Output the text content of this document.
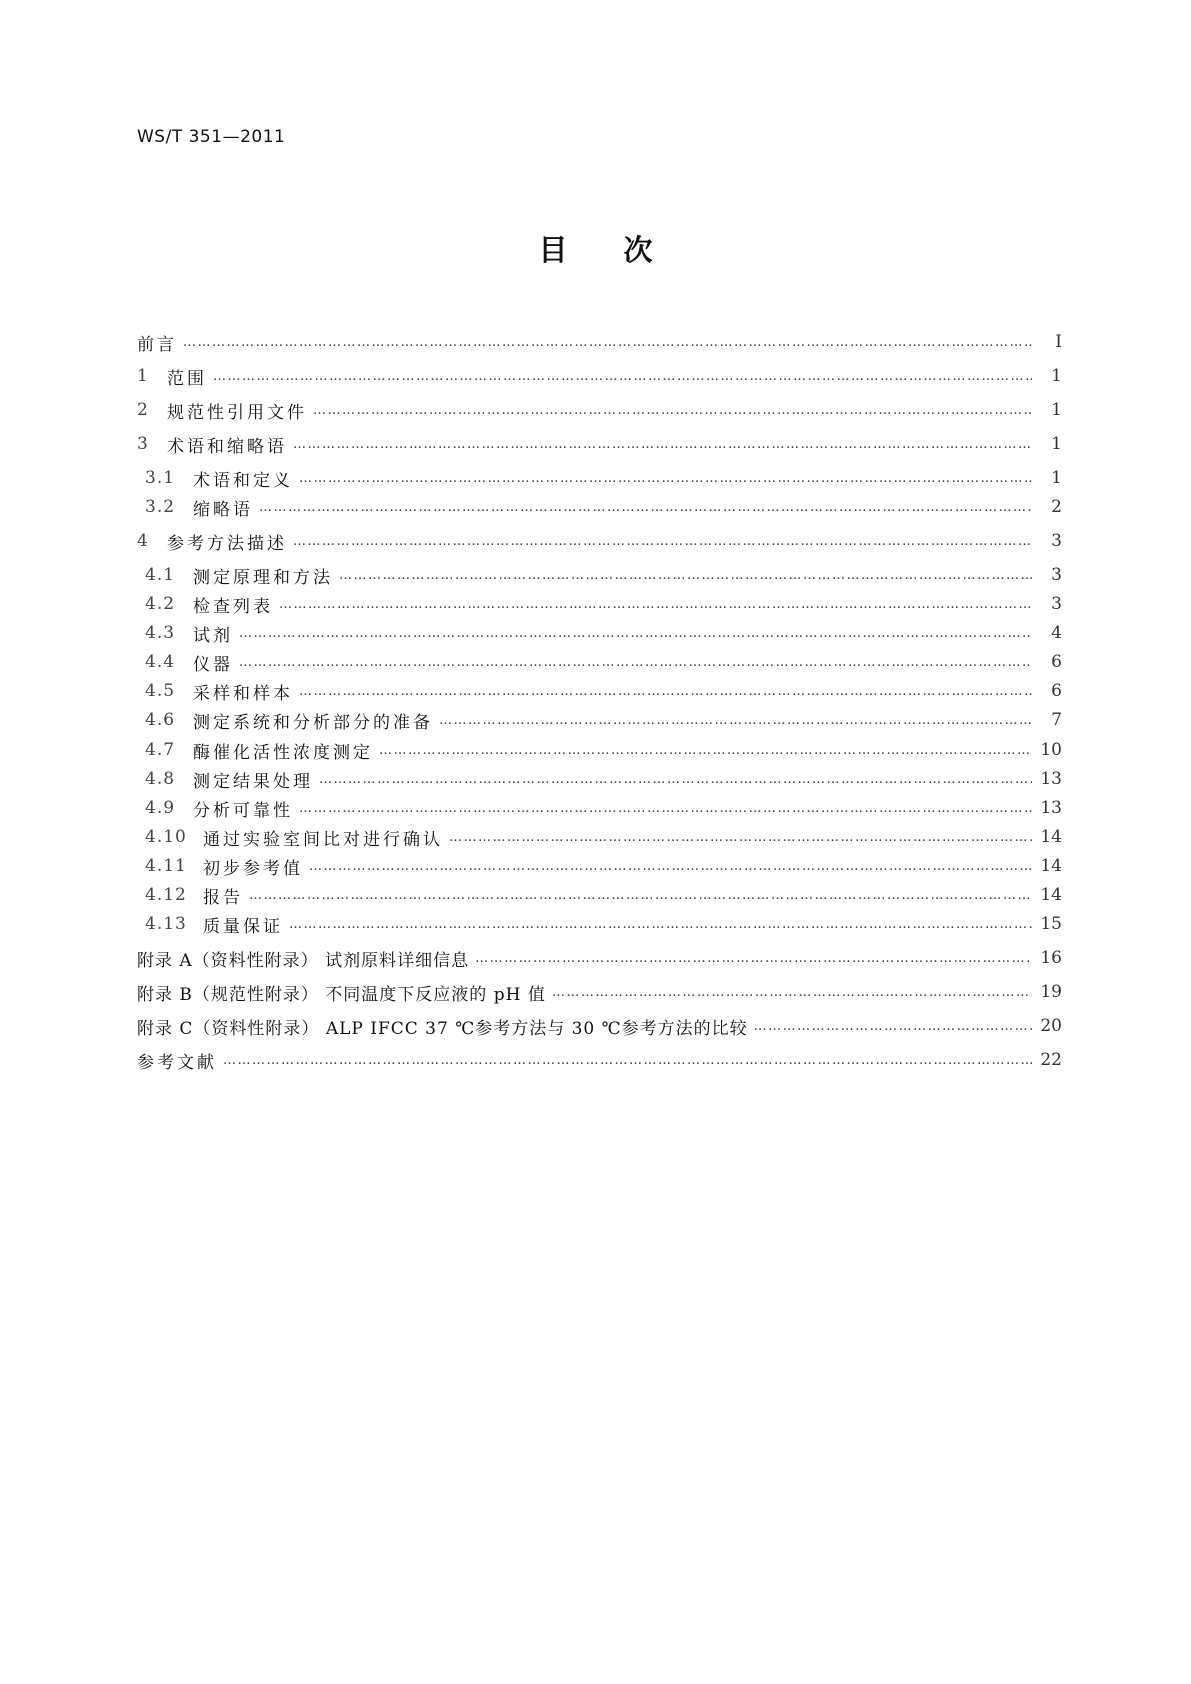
WS/T 351—2011
目次
前言 ……………………………………………………………………………………………………………………………………………………………………………………………………………………………………………………	Ⅰ
1	范围 ……………………………………………………………………………………………………………………………………………………………………………………………………………………………………………………	1
2	规范性引用文件 ……………………………………………………………………………………………………………………………………………………………………………………………………………………………………………………	1
3	术语和缩略语 ……………………………………………………………………………………………………………………………………………………………………………………………………………………………………………………	1
3.1	术语和定义 ……………………………………………………………………………………………………………………………………………………………………………………………………………………………………………………	1
3.2	缩略语 ……………………………………………………………………………………………………………………………………………………………………………………………………………………………………………………	2
4	参考方法描述 ……………………………………………………………………………………………………………………………………………………………………………………………………………………………………………………	3
4.1	测定原理和方法 ……………………………………………………………………………………………………………………………………………………………………………………………………………………………………………………	3
4.2	检查列表 ……………………………………………………………………………………………………………………………………………………………………………………………………………………………………………………	3
4.3	试剂 ……………………………………………………………………………………………………………………………………………………………………………………………………………………………………………………	4
4.4	仪器 ……………………………………………………………………………………………………………………………………………………………………………………………………………………………………………………	6
4.5	采样和样本 ……………………………………………………………………………………………………………………………………………………………………………………………………………………………………………………	6
4.6	测定系统和分析部分的准备 ……………………………………………………………………………………………………………………………………………………………………………………………………………………………………………………	7
4.7	酶催化活性浓度测定 ……………………………………………………………………………………………………………………………………………………………………………………………………………………………………………………	10
4.8	测定结果处理 ……………………………………………………………………………………………………………………………………………………………………………………………………………………………………………………	13
4.9	分析可靠性 ……………………………………………………………………………………………………………………………………………………………………………………………………………………………………………………	13
4.10 通过实验室间比对进行确认 ……………………………………………………………………………………………………………………………………………………………………………………………………………………………………………………	14
4.11 初步参考值 ……………………………………………………………………………………………………………………………………………………………………………………………………………………………………………………	14
4.12 报告 ……………………………………………………………………………………………………………………………………………………………………………………………………………………………………………………	14
4.13 质量保证 ……………………………………………………………………………………………………………………………………………………………………………………………………………………………………………………	15
附录 A（资料性附录） 试剂原料详细信息 ……………………………………………………………………………………………………………………………………………………………………………………………………………………………………………………	16
附录 B（规范性附录） 不同温度下反应液的 pH 值 ……………………………………………………………………………………………………………………………………………………………………………………………………………………………………………………	19
附录 C（资料性附录） ALP IFCC 37 ℃参考方法与 30 ℃参考方法的比较 ……………………………………………………………………………………………………………………………………………………………………………………………………………………………………………………	20
参考文献 ……………………………………………………………………………………………………………………………………………………………………………………………………………………………………………………	22
